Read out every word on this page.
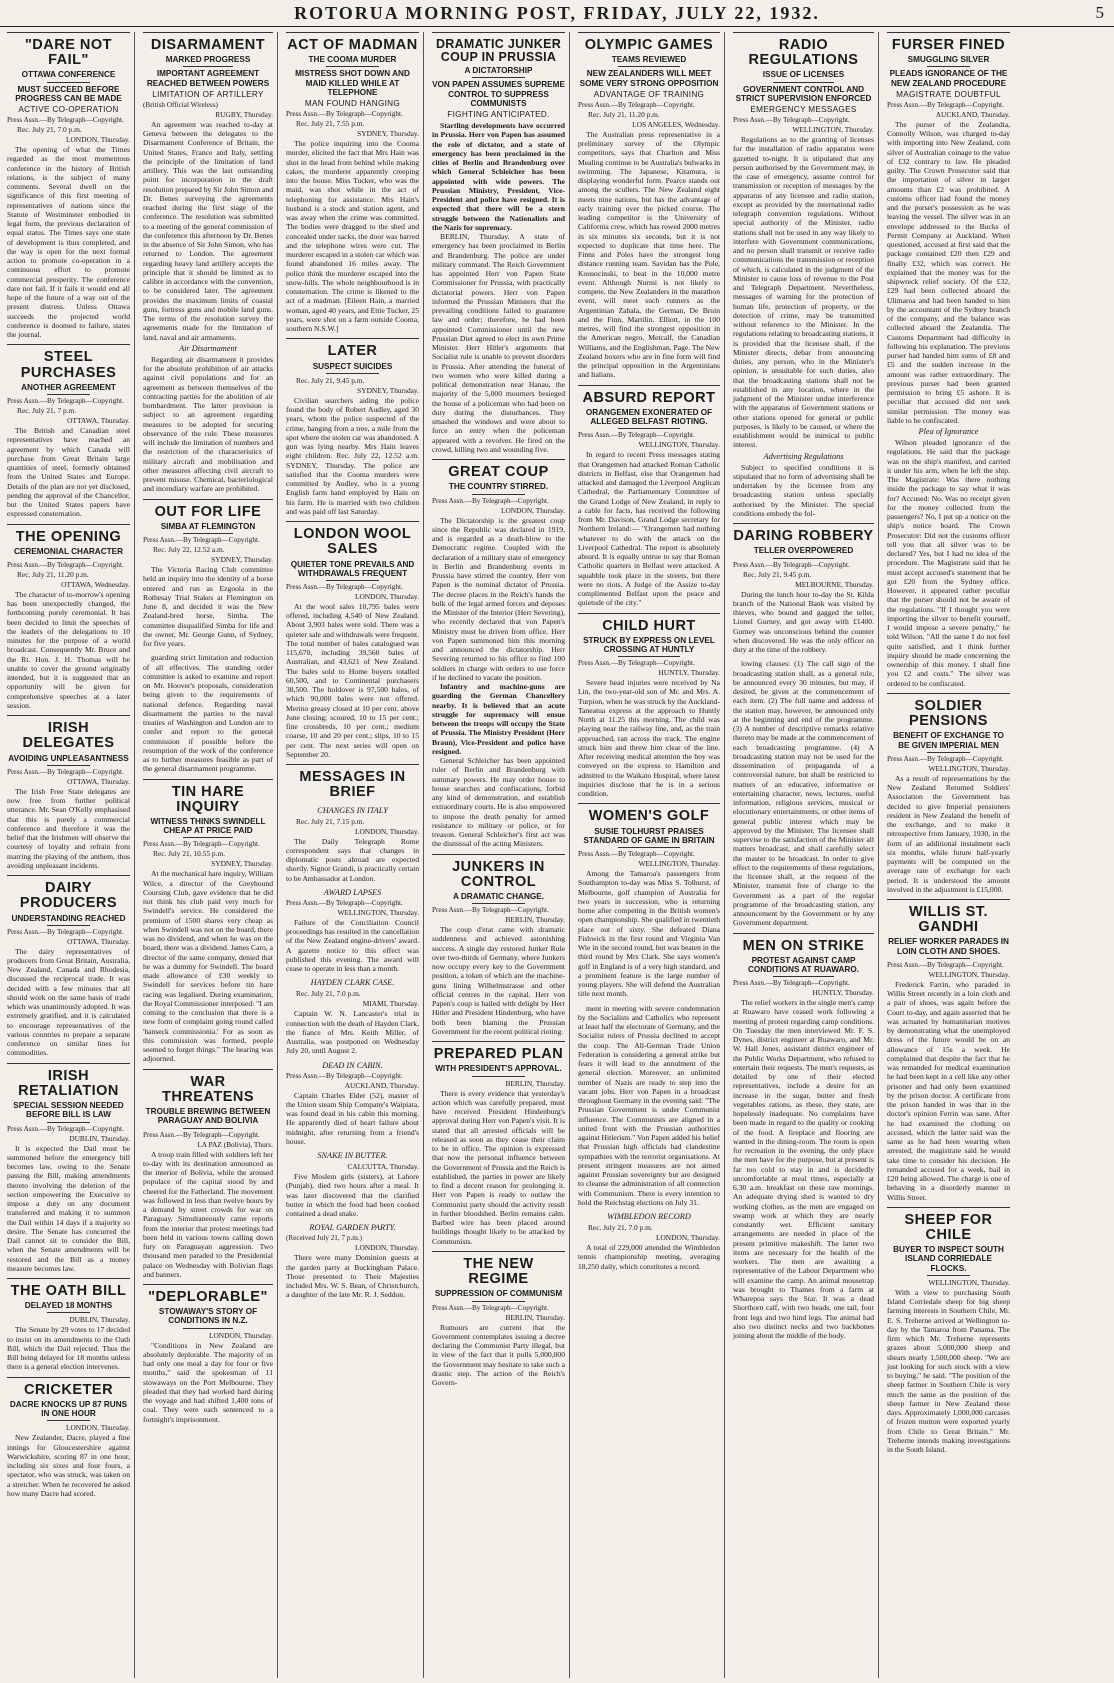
ROTORUA MORNING POST, FRIDAY, JULY 22, 1932.	5
"DARE NOT FAIL"
OTTAWA CONFERENCE
MUST SUCCEED BEFORE PROGRESS CAN BE MADE
ACTIVE CO-OPERATION
Press Assn.—By Telegraph—Copyright.
Rec. July 21, 7.0 p.m.
LONDON, Thursday.

The opening of what the Times regarded as the most momentous conference in the history of British relations, is the subject of many comments. Several dwell on the significance of this first meeting of representatives of nations since the Statute of Westminster embodied in legal form, the previous declaration of equal status. The Times says one state of development is thus completed, and the way is open for the next formal action to promote co-operation in a continuous effort to promote commercial prosperity. The conference dare not fail. If it fails it would end all hope of the future of a way out of the present distress. Unless Ottawa succeeds the projected world conference is doomed to failure, states the journal.

STEEL PURCHASES
ANOTHER AGREEMENT
Press Assn.—By Telegraph—Copyright.
Rec. July 21, 7 p.m.
OTTAWA, Thursday.

The British and Canadian steel representatives have reached an agreement by which Canada will purchase from Great Britain large quantities of steel, formerly obtained from the United States and Europe. Details of the plan are not yet disclosed, pending the approval of the Chancellor, but the United States papers have expressed consternation.

THE OPENING
CEREMONIAL CHARACTER
Press Assn.—By Telegraph—Copyright.
Rec. July 21, 11.20 p.m.
OTTAWA, Wednesday.

The character of to-morrow's opening has been unexpectedly changed, the forthcoming purely ceremonial. It has been decided to limit the speeches of the leaders of the delegations to 10 minutes for the purpose of a world broadcast. Consequently Mr. Bruce and the Rt. Hon. J. H. Thomas will be unable to cover the ground originally intended, but it is suggested that an opportunity will be given for comprehensive speeches at a later session.

IRISH DELEGATES
AVOIDING UNPLEASANTNESS
Press Assn.—By Telegraph—Copyright.
OTTAWA, Thursday.

The Irish Free State delegates are now free from further political utterance. Mr. Sean O'Kelly emphasised that this is purely a commercial conference and therefore it was the belief that the Irishmen will observe the courtesy of loyalty and refrain from marring the playing of the anthem, thus avoiding unpleasant incidents.

DAIRY PRODUCERS
UNDERSTANDING REACHED
Press Assn.—By Telegraph—Copyright.
OTTAWA, Thursday.

The dairy representatives of producers from Great Britain, Australia, New Zealand, Canada and Rhodesia, discussed the reciprocal trade. It was decided with a few minutes that all should work on the same basis of trade which was unanimously adopted. It was extremely gratified, and it is calculated to encourage representatives of the various countries to prepare a separate conference on similar lines for commodities.

IRISH RETALIATION
SPECIAL SESSION NEEDED BEFORE BILL IS LAW
Press Assn.—By Telegraph—Copyright.
DUBLIN, Thursday.

It is expected the Dail must be summoned before the emergency bill becomes law, owing to the Senate passing the Bill, making amendments thereto involving the deletion of the section empowering the Executive to impose a duty on any document transferred and making it to summon the Dail within 14 days if a majority so desire. The Senate has concurred the Dail cannot sit to consider the Bill, when the Senate amendments will be restored and the Bill as a money measure becomes law.

THE OATH BILL
DELAYED 18 MONTHS
DUBLIN, Thursday.

The Senate by 29 votes to 17 decided to insist on its amendments to the Oath Bill, which the Dail rejected. Thus the Bill being delayed for 18 months unless there is a general election intervenes.

CRICKETER
DACRE KNOCKS UP 87 RUNS IN ONE HOUR
LONDON, Thursday.

New Zealander, Dacre, played a fine innings for Gloucestershire against Warwickshire, scoring 87 in one hour, including six sixes and four fours, a spectator, who was struck, was taken on a stretcher. When he recovered he asked how many Dacre had scored.

DISARMAMENT
MARKED PROGRESS
IMPORTANT AGREEMENT REACHED BETWEEN POWERS
LIMITATION OF ARTILLERY
(British Official Wireless)
RUGBY, Thursday.

An agreement was reached to-day at Geneva between the delegates to the Disarmament Conference of Britain, the United States, France and Italy, settling the principle of the limitation of land artillery. This was the last outstanding point for incorporation in the draft resolution prepared by Sir John Simon and Dr. Benes surveying the agreements reached during the first stage of the conference. The resolution was submitted to a meeting of the general commission of the conference this afternoon by Dr. Benes in the absence of Sir John Simon, who has returned to London. The agreement regarding heavy land artillery accepts the principle that it should be limited as to calibre in accordance with the convention, to be considered later. The agreement provides the maximum limits of coastal guns, fortress guns and mobile land guns. The terms of the resolution survey the agreements made for the limitation of land, naval and air armaments.

Air Disarmament

Regarding air disarmament it provides for the absolute prohibition of air attacks against civil populations and for an agreement as between themselves of the contracting parties for the abolition of air bombardment. The latter provision is subject to an agreement regarding measures to be adopted for securing observance of the rule. These measures will include the limitation of numbers and the restriction of the characteristics of military aircraft and mobilisation and other measures affecting civil aircraft to prevent misuse. Chemical, bacteriological and incendiary warfare are prohibited.

OUT FOR LIFE
SIMBA AT FLEMINGTON
Press Assn.—By Telegraph—Copyright.
Rec. July 22, 12.52 a.m.
SYDNEY, Thursday.

The Victoria Racing Club committee held an inquiry into the identity of a horse entered and run as Ezgoola in the Rothesay Trial Stakes at Flemington on June 8, and decided it was the New Zealand-bred horse, Simba. The committee disqualified Simba for life and the owner, Mr. George Gunn, of Sydney, for five years.

guarding strict limitation and reduction of all effectives. The standing order committee is asked to examine and report on Mr. Hoover's proposals, consideration being given to the requirements of national defence. Regarding naval disarmament the parties to the naval treaties of Washington and London are to confer and report to the general commission if possible before the resumption of the work of the conference as to further measures feasible as part of the general disarmament programme.

TIN HARE INQUIRY
WITNESS THINKS SWINDELL CHEAP AT PRICE PAID
Press Assn.—By Telegraph—Copyright.
Rec. July 21, 10.55 p.m.
SYDNEY, Thursday.

At the mechanical hare inquiry, William Wilce, a director of the Greyhound Coursing Club, gave evidence that he did not think his club paid very much for Swindell's service. He considered the premium of 1500 shares very cheap as when Swindell was not on the board, there was no dividend, and when he was on the board, there was a dividend. James Caro, a director of the same company, denied that he was a dummy for Swindell. The board made allowance of £30 weekly to Swindell for services before tin hare racing was legalised. During examination, the Royal Commissioner interposed: "I am coming to the conclusion that there is a new form of complaint going round called 'hanseck commissionia.' For as soon as this commission was formed, people seemed to forget things." The hearing was adjourned.

WAR THREATENS
TROUBLE BREWING BETWEEN PARAGUAY AND BOLIVIA
Press Assn.—By Telegraph—Copyright.
LA PAZ (Bolivia), Thurs.

A troop train filled with soldiers left her to-day with its destination announced as the interior of Bolivia, while the aroused populace of the capital stood by and cheered for the Fatherland. The movement was followed in less than twelve hours by a demand by street crowds for war on Paraguay. Simultaneously came reports from the interior that protest meetings had been held in various towns calling down fury on Paraguayan aggression. Two thousand men paraded to the Presidential palace on Wednesday with Bolivian flags and banners.

"DEPLORABLE"
STOWAWAY'S STORY OF CONDITIONS IN N.Z.
LONDON, Thursday.

"Conditions in New Zealand are absolutely deplorable. The majority of us had only one meal a day for four or five months," said the spokesman of 11 stowaways on the Port Melbourne. They pleaded that they had worked hard during the voyage and had shifted 1,400 tons of coal. They were each sentenced to a fortnight's imprisonment.

ACT OF MADMAN
THE COOMA MURDER
MISTRESS SHOT DOWN AND MAID KILLED WHILE AT TELEPHONE
MAN FOUND HANGING
Press Assn.—By Telegraph—Copyright.
Rec. July 21, 7.55 p.m.
SYDNEY, Thursday.

The police inquiring into the Cooma murder, elicited the fact that Mrs Hain was shot in the head from behind while making cakes, the murderer apparently creeping into the house. Miss Tucker, who was the maid, was shot while in the act of telephoning for assistance. Mrs Hain's husband is a stock and station agent, and was away when the crime was committed. The bodies were dragged to the shed and concealed under sacks, the door was barred and the telephone wires were cut. The murderer escaped in a stolen car which was found abandoned 16 miles away. The police think the murderer escaped into the snow-hills. The whole neighbourhood is in consternation. The crime is likened to the act of a madman. [Eileen Hain, a married woman, aged 40 years, and Ettie Tucker, 25 years, were shot on a farm outside Cooma, southern N.S.W.]

LATER
SUSPECT SUICIDES
Rec. July 21, 9.45 p.m.
SYDNEY, Thursday.

Civilian searchers aiding the police found the body of Robert Audley, aged 30 years, whom the police suspected of the crime, hanging from a tree, a mile from the spot where the stolen car was abandoned. A gun was lying nearby. Mrs Hain leaves eight children. Rec. July 22, 12.52 a.m. SYDNEY, Thursday. The police are satisfied that the Cooma murders were committed by Audley, who is a young English farm hand employed by Hain on his farm. He is married with two children and was paid off last Saturday.

LONDON WOOL SALES
QUIETER TONE PREVAILS AND WITHDRAWALS FREQUENT
Press Assn.—By Telegraph—Copyright.
LONDON, Thursday.

At the wool sales 10,795 bales were offered, including 4,540 of New Zealand. About 3,903 bales were sold. There was a quieter sale and withdrawals were frequent. The total number of bales catalogued was 115,670, including 39,560 bales of Australian, and 43,621 of New Zealand. The bales sold to Home buyers totalled 60,500, and to Continental purchasers 38,500. The holdover is 97,500 bales, of which 90,000 bales were not offered. Merino greasy closed at 10 per cent. above June closing; scoured, 10 to 15 per cent.; fine crossbreds, 10 per cent.; medium coarse, 10 and 20 per cent.; slips, 10 to 15 per cent. The next series will open on September 20.

MESSAGES IN BRIEF
CHANGES IN ITALY
Rec. July 21, 7.15 p.m.
LONDON, Thursday.

The Daily Telegraph Rome correspondent says that changes in diplomatic posts abroad are expected shortly. Signor Grandi, is practically certain to be Ambassador at London.

AWARD LAPSES
Press Assn.—By Telegraph—Copyright.
WELLINGTON, Thursday.

Failure of the Conciliation Council proceedings has resulted in the cancellation of the New Zealand engine-drivers' award. A gazette notice to this effect was published this evening. The award will cease to operate in less than a month.

HAYDEN CLARK CASE.
Rec. July 21, 7.0 p.m.
MIAMI, Thursday.

Captain W. N. Lancaster's trial in connection with the death of Hayden Clark, the fiance of Mrs. Keith Miller, of Australia, was postponed on Wednesday July 20, until August 2.

DEAD IN CABIN.
Press Assn.—By Telegraph—Copyright.
AUCKLAND, Thursday.

Captain Charles Elder (52), master of the Union steam Ship Company's Waipiata, was found dead in his cabin this morning. He apparently died of heart failure about midnight, after returning from a friend's house.

SNAKE IN BUTTER.
CALCUTTA, Thursday.

Five Moslem girls (sisters), at Lahore (Punjab), died two hours after a meal. It was later discovered that the clarified butter in which the food had been cooked contained a dead snake.

ROYAL GARDEN PARTY.
(Received July 21, 7 p.m.)
LONDON, Thursday.

There were many Dominion guests at the garden party at Buckingham Palace. Those presented to Their Majesties included Mrs. W. S. Bean, of Christchurch, a daughter of the late Mr. R. J. Seddon.

DRAMATIC JUNKER COUP IN PRUSSIA
A DICTATORSHIP
VON PAPEN ASSUMES SUPREME CONTROL TO SUPPRESS COMMUNISTS
FIGHTING ANTICIPATED.

Startling developments have occurred in Prussia. Herr von Papen has assumed the role of dictator, and a state of emergency has been proclaimed in the cities of Berlin and Brandenburg over which General Schleicher has been appointed with wide powers. The Prussian Ministry, President, Vice-President and police have resigned. It is expected that there will be a stern struggle between the Nationalists and the Nazis for supremacy.

BERLIN, Thursday. A state of emergency has been proclaimed in Berlin and Brandenburg. The police are under military command. The Reich Government has appointed Herr von Papen State Commissioner for Prussia, with practically dictatorial powers. Herr von Papen informed the Prussian Ministers that the prevailing conditions failed to guarantee law and order; therefore, he had been appointed Commissioner until the new Prussian Diet agreed to elect its own Prime Minister. Herr Hitler's arguments that Socialist rule is unable to prevent disorders in Prussia. After attending the funeral of two women who were killed during a political demonstration near Hanau, the majority of the 5,000 mourners besieged the house of a policeman who had been on duty during the disturbances. They smashed the windows and were about to force an entry when the policeman appeared with a revolver. He fired on the crowd, killing two and wounding five.

GREAT COUP
THE COUNTRY STIRRED.
Press Assn.—By Telegraph—Copyright.
LONDON, Thursday.

The Dictatorship is the greatest coup since the Republic was declared in 1919, and is regarded as a death-blow to the Democratic regime. Coupled with the declaration of a military state of emergency in Berlin and Brandenburg events in Prussia have stirred the country. Herr von Papen is the nominal dictator of Prussia. The decree places in the Reich's hands the bulk of the legal armed forces and deposes the Minister of the Interior (Herr Severing), who recently declared that von Papen's Ministry must be driven from office. Herr von Papen summoned him this morning and announced the dictatorship. Herr Severing returned to his office to find 100 soldiers in charge with orders to use force if he declined to vacate the position.

Infantry and machine-guns are guarding the German Chancellery nearby. It is believed that an acute struggle for supremacy will ensue between the troops will occupy the State of Prussia. The Ministry President (Herr Braun), Vice-President and police have resigned.

General Schleicher has been appointed ruler of Berlin and Brandenburg with summary powers. He may order house to house searches and confiscations, forbid any kind of demonstration, and establish extraordinary courts. He is also empowered to impose the death penalty for armed resistance to military or police, or for treason. General Schleicher's first act was the dismissal of the acting Ministers.

JUNKERS IN CONTROL
A DRAMATIC CHANGE.
Press Assn.—By Telegraph—Copyright.
BERLIN, Thursday.

The coup d'etat came with dramatic suddenness and achieved astonishing success. A single day restored Junker Rule over two-thirds of Germany, where Junkers now occupy every key to the Government position, a token of which are the machine-guns lining Wilhelmstrasse and other official centres in the capital. Herr von Papen's coup is hailed with delight by Herr Hitler and President Hindenburg, who have both been blaming the Prussian Government for the recent political rioting.

PREPARED PLAN
WITH PRESIDENT'S APPROVAL.
BERLIN, Thursday.

There is every evidence that yesterday's action which was carefully prepared, must have received President Hindenburg's approval during Herr von Papen's visit. It is stated that all arrested officials will be released as soon as they cease their claim to be in office. The opinion is expressed that now the personal influence between the Government of Prussia and the Reich is established, the parties in power are likely to find a decent reason for prolonging it. Herr von Papen is ready to outlaw the Communist party should the activity result in further bloodshed. Berlin remains calm. Barbed wire has been placed around buildings thought likely to be attacked by Communists.

THE NEW REGIME
SUPPRESSION OF COMMUNISM
Press Assn.—By Telegraph—Copyright.
BERLIN, Thursday.

Rumours are current that the Government contemplates issuing a decree declaring the Communist Party illegal, but in view of the fact that it polls 5,000,000 the Government may hesitate to take such a drastic step. The action of the Reich's Govern-

OLYMPIC GAMES
TEAMS REVIEWED
NEW ZEALANDERS WILL MEET SOME VERY STRONG OPPOSITION
ADVANTAGE OF TRAINING
Press Assn.—By Telegraph—Copyright.
Rec. July 21, 11.20 p.m.
LOS ANGELES, Wednesday.

The Australian press representative in a preliminary survey of the Olympic competitors, says that Charlton and Miss Mealing continue to be Australia's bulwarks in swimming. The Japanese, Kitamura, is displaying wonderful form. Pearce stands out among the scullers. The New Zealand eight meets nine nations, but has the advantage of early training over the picked course. The leading competitor is the University of California crew, which has rowed 2000 metres in six minutes six seconds, but it is not expected to duplicate that time here. The Finns and Poles have the strongest long distance running team. Savidan has the Pole, Kousocinski, to beat in the 10,000 metre event. Although Nurmi is not likely to compete, the New Zealanders in the marathon event, will meet such runners as the Argentinian Zabala, the German, De Bruin and the Finn, Martilin. Elliott, in the 100 metres, will find the strongest opposition in the American negro, Metcalf, the Canadian Williams, and the Englishman, Page. The New Zealand boxers who are in fine form will find the principal opposition in the Argentinians and Italians.

ABSURD REPORT
ORANGEMEN EXONERATED OF ALLEGED BELFAST RIOTING.
Press Assn.—By Telegraph—Copyright.
WELLINGTON, Thursday.

In regard to recent Press messages stating that Orangemen had attacked Roman Catholic districts in Belfast, else that Orangemen had attacked and damaged the Liverpool Anglican Cathedral, the Parliamentary Committee of the Grand Lodge of New Zealand, in reply to a cable for facts, has received the following from Mr. Davison, Grand Lodge secretary for Northern Ireland:— "Orangemen had nothing whatever to do with the attack on the Liverpool Cathedral. The report is absolutely absurd. It is equally untrue to say that Roman Catholic quarters in Belfast were attacked. A squabble took place in the streets, but there were no riots. A Judge of the Assize to-day complimented Belfast upon the peace and quietude of the city."

CHILD HURT
STRUCK BY EXPRESS ON LEVEL CROSSING AT HUNTLY
Press Assn.—By Telegraph—Copyright.
HUNTLY, Thursday.

Severe head injuries were received by Na Lin, the two-year-old son of Mr. and Mrs. A. Turpion, when he was struck by the Auckland-Taneatua express at the approach to Huntly North at 11.25 this morning. The child was playing near the railway line, and, as the train approached, ran across the track. The engine struck him and threw him clear of the line. After receiving medical attention the boy was conveyed on the express to Hamilton and admitted to the Waikato Hospital, where latest inquiries disclose that he is in a serious condition.

WOMEN'S GOLF
SUSIE TOLHURST PRAISES STANDARD OF GAME IN BRITAIN
Press Assn.—By Telegraph—Copyright.
WELLINGTON, Thursday.

Among the Tamaroa's passengers from Southampton to-day was Miss S. Tolhurst, of Melbourne, golf champion of Australia for two years in succession, who is returning home after competing in the British women's open championship. She qualified in twentieth place out of sixty. She defeated Diana Fishwick in the first round and Virginia Van Wie in the second round, but was beaten in the third round by Mrs Clark. She says women's golf in England is of a very high standard, and a prominent feature is the large number of young players. She will defend the Australian title next month.

ment in meeting with severe condemnation by the Socialists and Catholics who represent at least half the electorate of Germany, and the Socialist rulers of Prussia declined to accept the coup. The All-German Trade Union Federation is considering a general strike but fears it will lead to the annulment of the general election. Moreover, an unlimited number of Nazis are ready to step into the vacant jobs. Herr von Papen in a broadcast throughout Germany in the evening said: "The Prussian Government is under Communist influence. The Communists are aligned in a united front with the Prussian authorities against Hitlerism." Von Papen added his belief that Prussian high officials had clandestine sympathies with the terrorist organisations. At present stringent measures are not aimed against Prussian sovereignty but are designed to cleanse the administration of all connection with Communism. There is every intention to hold the Reichstag elections on July 31.

WIMBLEDON RECORD
Rec. July 21, 7.0 p.m.
LONDON, Thursday.

A total of 229,000 attended the Wimbledon tennis championship meeting, averaging 18,250 daily, which constitutes a record.

RADIO REGULATIONS
ISSUE OF LICENSES
GOVERNMENT CONTROL AND STRICT SUPERVISION ENFORCED
EMERGENCY MESSAGES
Press Assn.—By Telegraph—Copyright.
WELLINGTON, Thursday.

Regulations as to the granting of licenses for the installation of radio apparatus were gazetted to-night. It is stipulated that any person authorised by the Government may, in the case of emergency, assume control for transmission or reception of messages by the apparatus of any licensee and radio station, except as provided by the international radio telegraph convention regulations. Without special authority of the Minister, radio stations shall not be used in any way likely to interfere with Government communications, and no person shall transmit or receive radio communications the transmission or reception of which, is calculated in the judgment of the Minister to cause loss of revenue to the Post and Telegraph Department. Nevertheless, messages of warning for the protection of human life, protection of property, or the detection of crime, may be transmitted without reference to the Minister. In the regulations relating to broadcasting stations, it is provided that the licensee shall, if the Minister directs, debar from announcing duties, any person, who in the Minister's opinion, is unsuitable for such duties, also that the broadcasting stations shall not be established in any location, where in the judgment of the Minister undue interference with the apparatus of Government stations or other stations opened for general or public purposes, is likely to be caused, or where the establishment would be inimical to public interest.

Advertising Regulations

Subject to specified conditions it is stipulated that no form of advertising shall be undertaken by the licensee from any broadcasting station unless specially authorised by the Minister. The special conditions embody the fol-

DARING ROBBERY
TELLER OVERPOWERED
Press Assn.—By Telegraph—Copyright.
Rec. July 21, 9.45 p.m.
MELBOURNE, Thursday.

During the lunch hour to-day the St. Kilda branch of the National Bank was visited by thieves, who bound and gagged the teller, Lionel Gurney, and got away with £1400. Gurney was unconscious behind the counter when discovered. He was the only officer on duty at the time of the robbery.

lowing clauses: (1) The call sign of the broadcasting station shall, as a general rule, be announced every 30 minutes, but may, if desired, be given at the commencement of each item. (2) The full name and address of the station may, however, be announced only at the beginning and end of the programme. (3) A number of descriptive remarks relative thereto may be made at the commencement of each broadcasting programme. (4) A broadcasting station may not be used for the dissemination of propaganda of a controversial nature, but shall be restricted to matters of an educative, informative or entertaining character, news, lectures, useful information, religious services, musical or elocutionary entertainments, or other items of general public interest which may be approved by the Minister. The licensee shall supervise to the satisfaction of the Minister all matters broadcast, and shall carefully select the master to be broadcast. In order to give effect to the requirements of these regulations, the licensee shall, at the request of the Minister, transmit free of charge to the Government as a part of the regular programme of the broadcasting station, any announcement by the Government or by any Government department.

MEN ON STRIKE
PROTEST AGAINST CAMP CONDITIONS AT RUAWARO.
Press Assn.—By Telegraph—Copyright.
HUNTLY, Thursday.

The relief workers in the single men's camp at Ruawaro have ceased work following a meeting of protest regarding camp conditions. On Tuesday the men interviewed Mr. F. S. Dynes, district engineer at Ruawaro, and Mr. W. Hall Jones, assistant district engineer of the Public Works Department, who refused to entertain their requests. The men's requests, as detailed by one of their elected representatives, include a desire for an increase in the sugar, butter and fresh vegetables rations, as these, they state, are hopelessly inadequate. No complaints have been made in regard to the quality or cooking of the food. A fireplace and flooring are wanted in the dining-room. The room is open for recreation in the evening, the only place the men have for the purpose, but at present is far too cold to stay in and is decidedly uncomfortable at meal times, especially at 6.30 a.m. breakfast on these raw mornings. An adequate drying shed is wanted to dry working clothes, as the men are engaged on swamp work at which they are nearly constantly wet. Efficient sanitary arrangements are needed in place of the present primitive makeshift. The latter two items are necessary for the health of the workers. The men are awaiting a representative of the Labour Department who will examine the camp. An animal mousetrap was brought to Thames from a farm at Wharepoa says the Star. It was a dead Shorthorn calf, with two heads, one tail, four front legs and two hind legs. The animal had also two distinct necks and two backbones joining about the middle of the body.

FURSER FINED
SMUGGLING SILVER
PLEADS IGNORANCE OF THE NEW ZEALAND PROCEDURE
MAGISTRATE DOUBTFUL
Press Assn.—By Telegraph—Copyright.
AUCKLAND, Thursday.

The purser of the Zealandia, Connolly Wilson, was charged to-day with importing into New Zealand, coin silver of Australian coinage to the value of £32 contrary to law. He pleaded guilty. The Crown Prosecutor said that the importation of silver in larger amounts than £2 was prohibited. A customs officer had found the money and the purser's possession as he was leaving the vessel. The silver was in an envelope addressed to the Bucks of Permit Company at Auckland. When questioned, accused at first said that the package contained £20 then £29 and finally £32, which was correct. He explained that the money was for the shipwreck relief society. Of the £32, £29 had been collected aboard the Ulimaroa and had been handed to him by the accountant of the Sydney branch of the company, and the balance was collected aboard the Zealandia. The Customs Department had difficulty in following his explanation. The previous purser had handed him sums of £8 and £5 and the sudden increase in the amount was rather extraordinary. The previous purser had been granted permission to bring £5 ashore. It is peculiar that accused did not seek similar permission. The money was liable to be confiscated.

Plea of Ignorance

Wilson pleaded ignorance of the regulations. He said that the package was on the ship's manifest, and carried it under his arm, when he left the ship. The Magistrate: Was there nothing inside the package to say what it was for? Accused: No. Was no receipt given for the money collected from the passengers? No, I put up a notice on the ship's notice board. The Crown Prosecutor: Did not the customs officer tell you that all silver was to be declared? Yes, but I had no idea of the procedure. The Magistrate said that he must accept accused's statement that he got £20 from the Sydney office. However, it appeared rather peculiar that the purser should not be aware of the regulations. "If I thought you were importing the silver to benefit yourself, I would impose a severe penalty," he told Wilson. "All the same I do not feel quite satisfied, and I think further inquiry should be made concerning the ownership of this money. I shall fine you £2 and costs." The silver was ordered to be confiscated.

SOLDIER PENSIONS
BENEFIT OF EXCHANGE TO BE GIVEN IMPERIAL MEN
Press Assn.—By Telegraph—Copyright.
WELLINGTON, Thursday.

As a result of representations by the New Zealand Returned Soldiers' Association the Government has decided to give Imperial pensioners resident in New Zealand the benefit of the exchange, and to make it retrospective from January, 1930, in the form of an additional instalment each six months, while future half-yearly payments will be computed on the average rate of exchange for each period. It is understood the amount involved in the adjustment is £15,000.

WILLIS ST. GANDHI
RELIEF WORKER PARADES IN LOIN CLOTH AND SHOES.
Press Assn.—By Telegraph—Copyright.
WELLINGTON, Thursday.

Frederick Farrin, who paraded in Willis Street recently in a loin cloth and a pair of shoes, was again before the Court to-day, and again asserted that he was actuated by humanitarian motives by demonstrating what the unemployed dress of the future would be on an allowance of 15s a week. He complained that despite the fact that he was remanded for medical examination he had been kept in a cell like any other prisoner and had only been examined by the prison doctor. A certificate from the prison handed in was that in the doctor's opinion Ferrin was sane. After he had examined the clothing on accused, which the latter said was the same as he had been wearing when arrested, the magistrate said he would take time to consider his decision. He remanded accused for a week, bail in £20 being allowed. The charge is one of behaving in a disorderly manner in Willis Street.

SHEEP FOR CHILE
BUYER TO INSPECT SOUTH ISLAND CORRIEDALE FLOCKS.
WELLINGTON, Thursday.

With a view to purchasing South Island Corriedale sheep for big sheep farming interests in Southern Chile, Mr. E. S. Treherne arrived at Wellington to-day by the Tamaroa from Panama. The firm which Mr. Treherne represents grazes about 5,000,000 sheep and shears nearly 1,500,000 sheep. "We are just looking for such stock with a view to buying," he said. "The position of the sheep farmer in Southern Chile is very much the same as the position of the sheep farmer in New Zealand these days. Approximately 1,000,000 carcases of frozen mutton were exported yearly from Chile to Great Britain." Mr. Treherne intends making investigations in the South Island.
